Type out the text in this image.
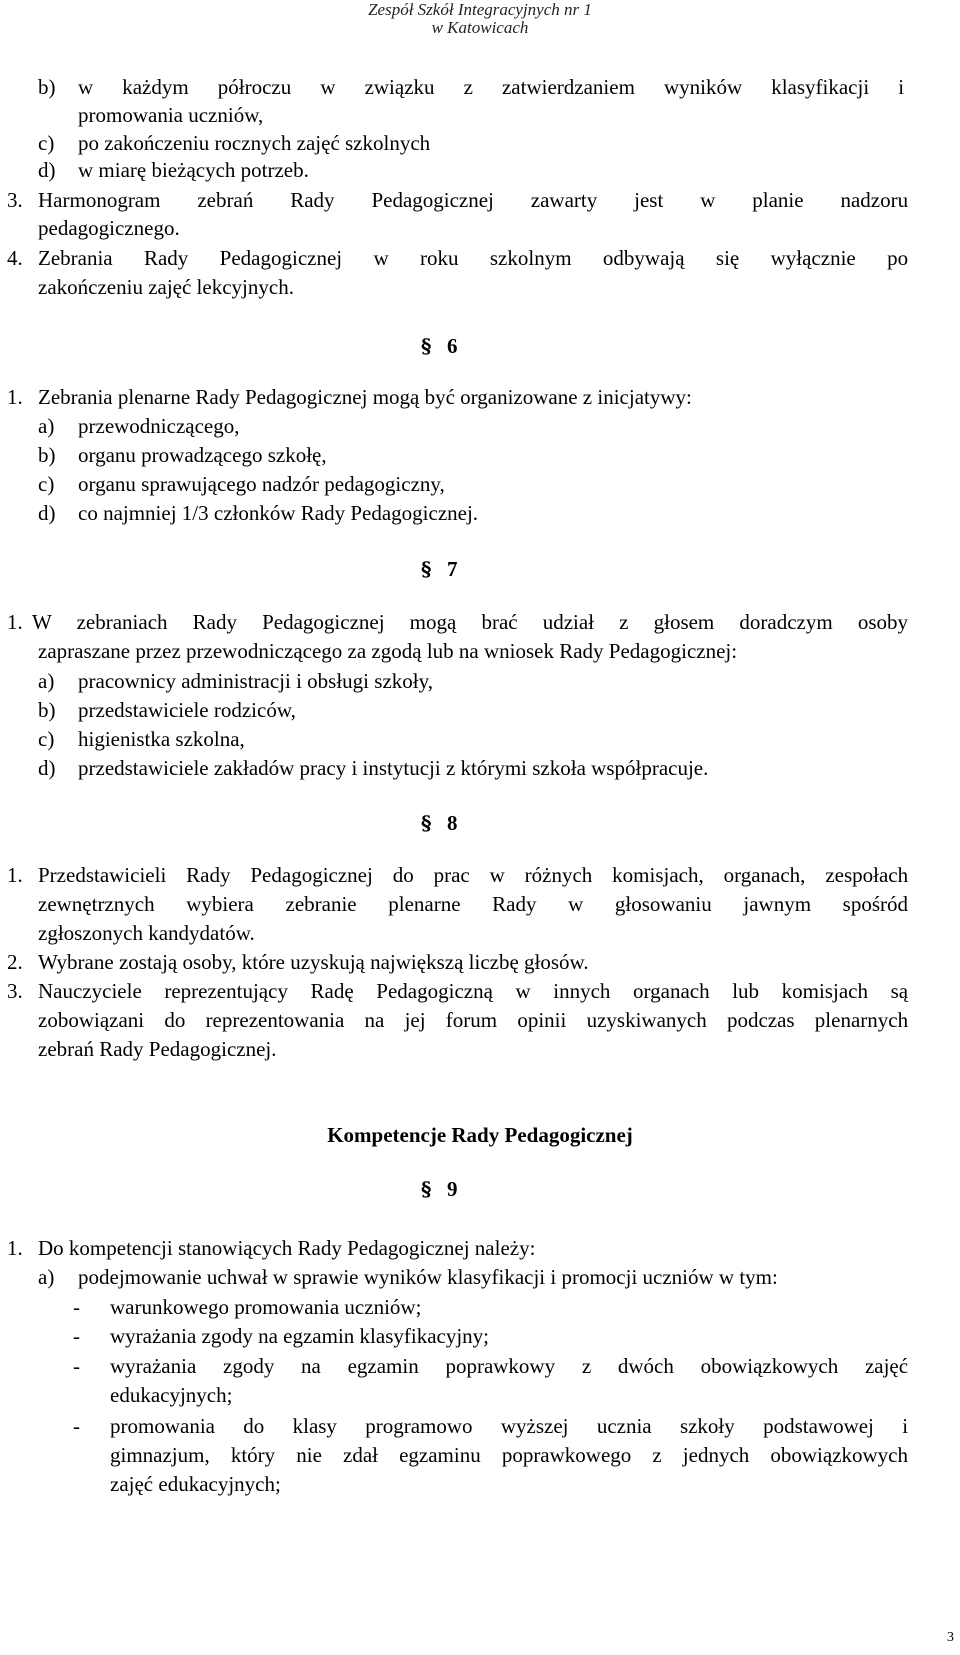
Zespół Szkół Integracyjnych nr 1
w Katowicach
b) w każdym półroczu w związku z zatwierdzaniem wyników klasyfikacji i
promowania uczniów,
c) po zakończeniu rocznych zajęć szkolnych
d) w miarę bieżących potrzeb.
3. Harmonogram zebrań Rady Pedagogicznej zawarty jest w planie nadzoru
pedagogicznego.
4. Zebrania Rady Pedagogicznej w roku szkolnym odbywają się wyłącznie po
zakończeniu zajęć lekcyjnych.
§ 6
1. Zebrania plenarne Rady Pedagogicznej mogą być organizowane z inicjatywy:
a) przewodniczącego,
b) organu prowadzącego szkołę,
c) organu sprawującego nadzór pedagogiczny,
d) co najmniej 1/3 członków Rady Pedagogicznej.
§ 7
1. W zebraniach Rady Pedagogicznej mogą brać udział z głosem doradczym osoby
zapraszane przez przewodniczącego za zgodą lub na wniosek Rady Pedagogicznej:
a) pracownicy administracji i obsługi szkoły,
b) przedstawiciele rodziców,
c) higienistka szkolna,
d) przedstawiciele zakładów pracy i instytucji z którymi szkoła współpracuje.
§ 8
1. Przedstawicieli Rady Pedagogicznej do prac w różnych komisjach, organach, zespołach
zewnętrznych wybiera zebranie plenarne Rady w głosowaniu jawnym spośród
zgłoszonych kandydatów.
2. Wybrane zostają osoby, które uzyskują największą liczbę głosów.
3. Nauczyciele reprezentujący Radę Pedagogiczną w innych organach lub komisjach są
zobowiązani do reprezentowania na jej forum opinii uzyskiwanych podczas plenarnych
zebrań Rady Pedagogicznej.
Kompetencje Rady Pedagogicznej
§ 9
1. Do kompetencji stanowiących Rady Pedagogicznej należy:
a) podejmowanie uchwał w sprawie wyników klasyfikacji i promocji uczniów w tym:
- warunkowego promowania uczniów;
- wyrażania zgody na egzamin klasyfikacyjny;
- wyrażania zgody na egzamin poprawkowy z dwóch obowiązkowych zajęć
edukacyjnych;
- promowania do klasy programowo wyższej ucznia szkoły podstawowej i
gimnazjum, który nie zdał egzaminu poprawkowego z jednych obowiązkowych
zajęć edukacyjnych;
3
